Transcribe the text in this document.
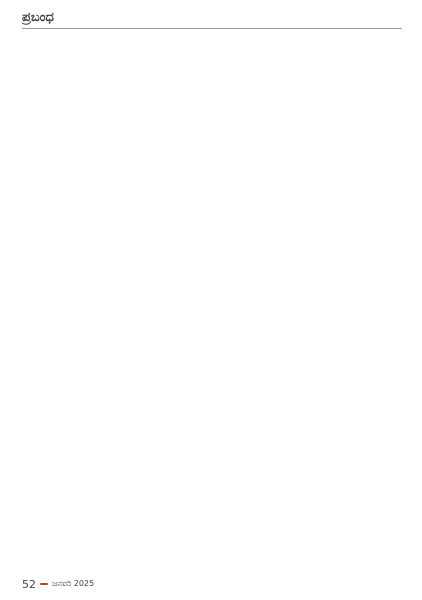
ಪ್ರಬಂಧ

52 ಜನವರಿ 2025
